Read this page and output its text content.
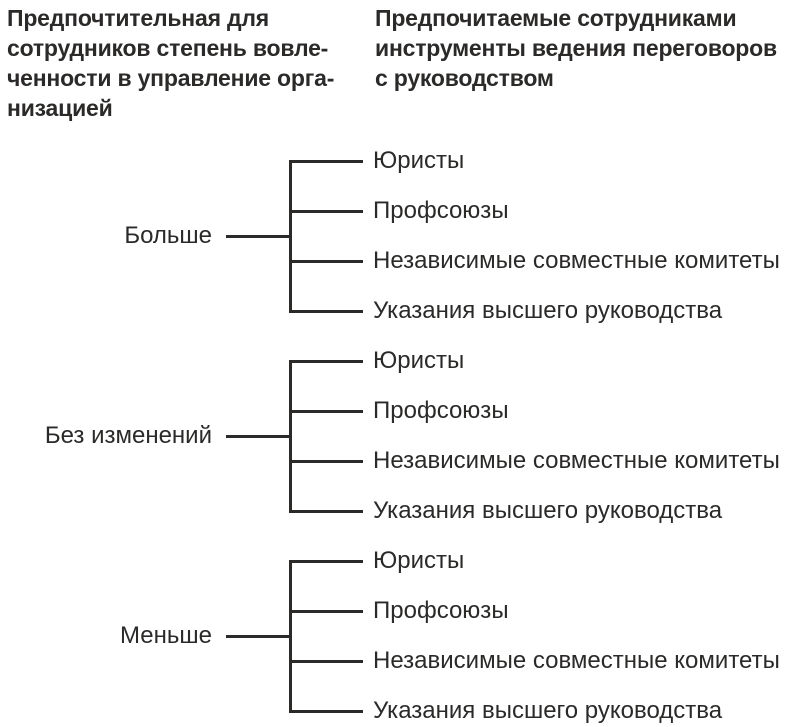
Предпочтительная для
сотрудников степень вовле-
ченности в управление орга-
низацией
Предпочитаемые сотрудниками
инструменты ведения переговоров
с руководством
Больше
Юристы
Профсоюзы
Независимые совместные комитеты
Указания высшего руководства
Без изменений
Юристы
Профсоюзы
Независимые совместные комитеты
Указания высшего руководства
Меньше
Юристы
Профсоюзы
Независимые совместные комитеты
Указания высшего руководства
